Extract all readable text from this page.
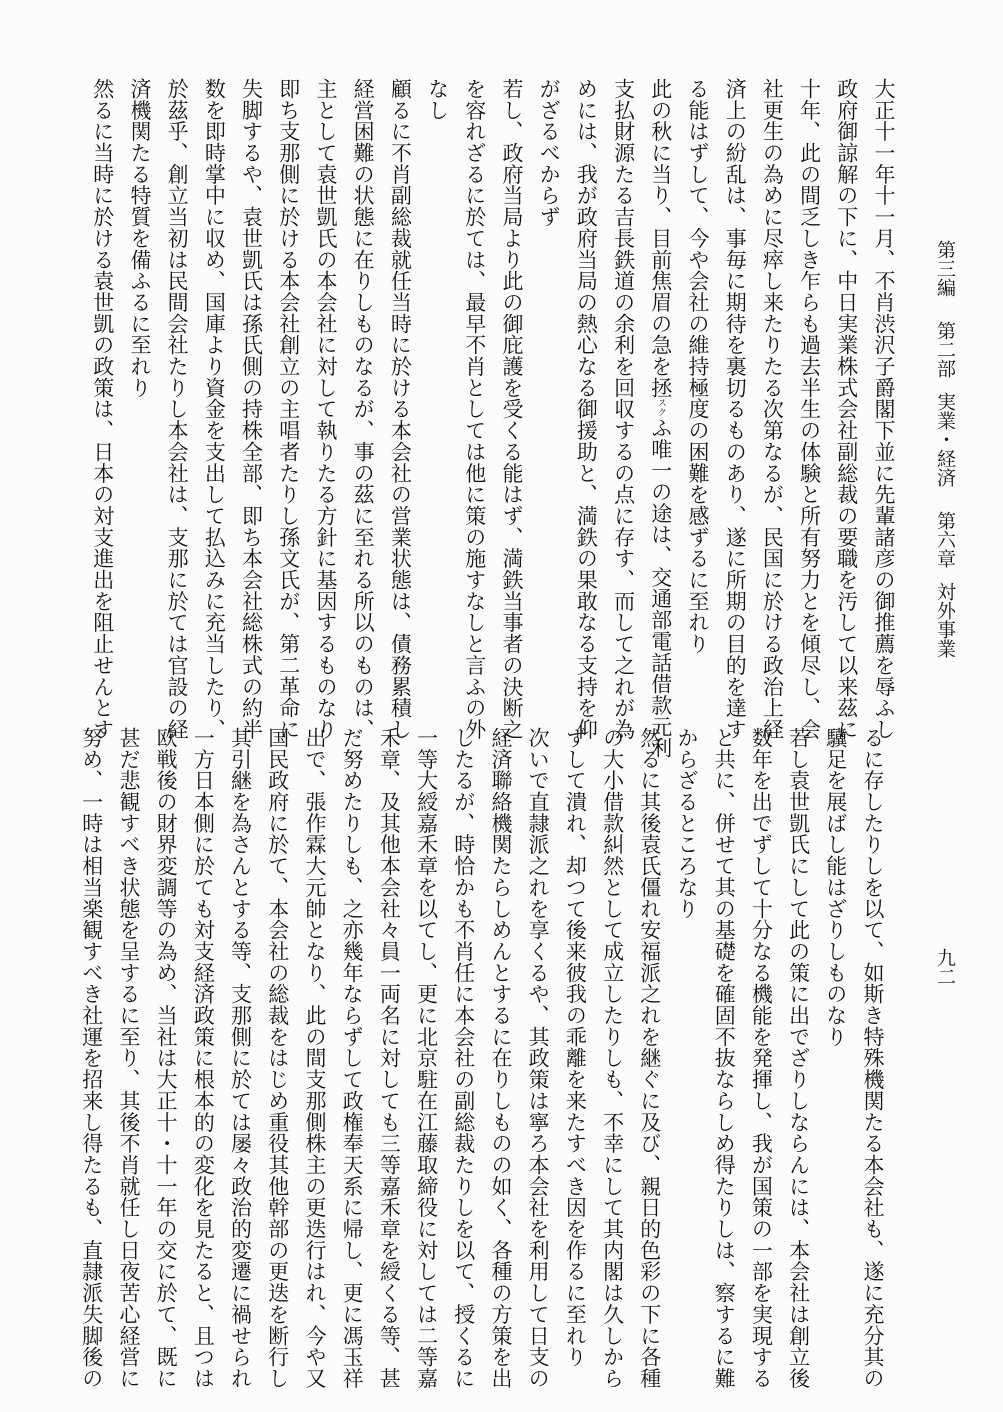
第三編第二部実業・経済第六章対外事業
九二
大正十一年十一月、不肖渋沢子爵閣下並に先輩諸彦の御推薦を辱ふし
政府御諒解の下に、中日実業株式会社副総裁の要職を汚して以来茲に
十年、此の間乏しき乍らも過去半生の体験と所有努力とを傾尽し、会
社更生の為めに尽瘁し来たりたる次第なるが、民国に於ける政治上経
済上の紛乱は、事毎に期待を裏切るものあり、遂に所期の目的を達す
る能はずして、今や会社の維持極度の困難を感ずるに至れり
此の秋に当り、目前焦眉の急を拯スクふ唯一の途は、交通部電話借款元利
支払財源たる吉長鉄道の余利を回収するの点に存す、而して之れが為
めには、我が政府当局の熱心なる御援助と、満鉄の果敢なる支持を仰
がざるべからず
若し、政府当局より此の御庇護を受くる能はず、満鉄当事者の決断之
を容れざるに於ては、最早不肖としては他に策の施すなしと言ふの外
なし
顧るに不肖副総裁就任当時に於ける本会社の営業状態は、債務累積し
経営困難の状態に在りしものなるが、事の茲に至れる所以のものは、
主として袁世凱氏の本会社に対して執りたる方針に基因するものなり
即ち支那側に於ける本会社創立の主唱者たりし孫文氏が、第二革命に
失脚するや、袁世凱氏は孫氏側の持株全部、即ち本会社総株式の約半
数を即時掌中に収め、国庫より資金を支出して払込みに充当したり、
於茲乎、創立当初は民間会社たりし本会社は、支那に於ては官設の経
済機関たる特質を備ふるに至れり
然るに当時に於ける袁世凱の政策は、日本の対支進出を阻止せんとす
るに存したりしを以て、如斯き特殊機関たる本会社も、遂に充分其の
驥足を展ばし能はざりしものなり
若し袁世凱氏にして此の策に出でざりしならんには、本会社は創立後
数年を出でずして十分なる機能を発揮し、我が国策の一部を実現する
と共に、併せて其の基礎を確固不抜ならしめ得たりしは、察するに難
からざるところなり
然るに其後袁氏僵れ安福派之れを継ぐに及び、親日的色彩の下に各種
の大小借款糾然として成立したりしも、不幸にして其内閣は久しから
ずして潰れ、却つて後来彼我の乖離を来たすべき因を作るに至れり
次いで直隷派之れを享くるや、其政策は寧ろ本会社を利用して日支の
経済聯絡機関たらしめんとするに在りしものの如く、各種の方策を出
したるが、時恰かも不肖任に本会社の副総裁たりしを以て、授くるに
一等大綬嘉禾章を以てし、更に北京駐在江藤取締役に対しては二等嘉
禾章、及其他本会社々員一両名に対しても三等嘉禾章を綬くる等、甚
だ努めたりしも、之亦幾年ならずして政権奉天系に帰し、更に馮玉祥
出で、張作霖大元帥となり、此の間支那側株主の更迭行はれ、今や又
国民政府に於て、本会社の総裁をはじめ重役其他幹部の更迭を断行し
其引継を為さんとする等、支那側に於ては屡々政治的変遷に禍せられ
一方日本側に於ても対支経済政策に根本的の変化を見たると、且つは
欧戦後の財界変調等の為め、当社は大正十・十一年の交に於て、既に
甚だ悲観すべき状態を呈するに至り、其後不肖就任し日夜苦心経営に
努め、一時は相当楽観すべき社運を招来し得たるも、直隷派失脚後の
